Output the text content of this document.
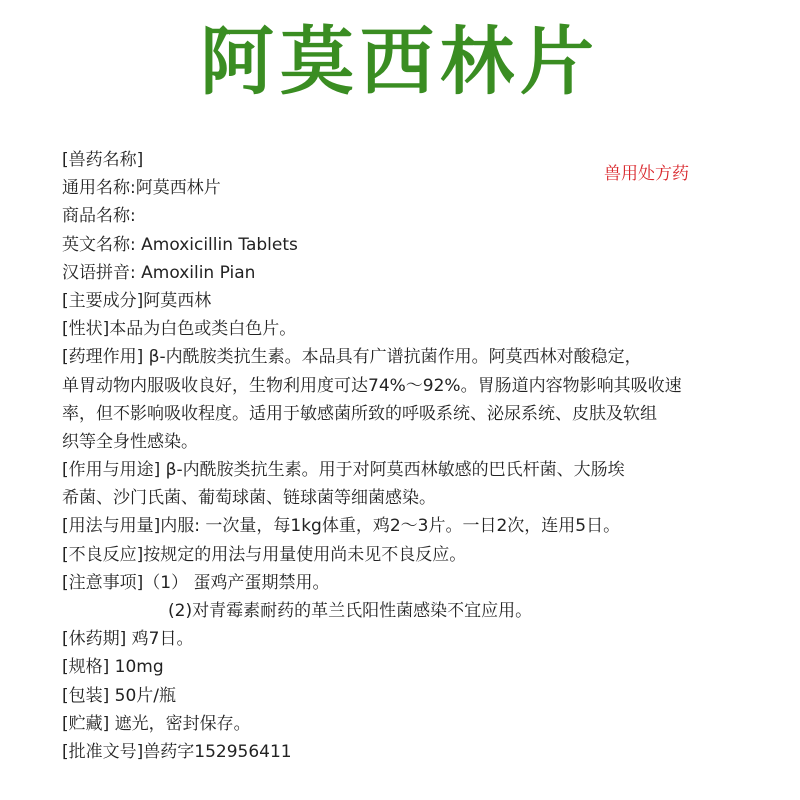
阿莫西林片
兽用处方药
[兽药名称]
通用名称:阿莫西林片
商品名称:
英文名称: Amoxicillin Tablets
汉语拼音: Amoxilin Pian
[主要成分]阿莫西林
[性状]本品为白色或类白色片。
[药理作用] β-内酰胺类抗生素。本品具有广谱抗菌作用。阿莫西林对酸稳定，
单胃动物内服吸收良好，生物利用度可达74%～92%。胃肠道内容物影响其吸收速
率，但不影响吸收程度。适用于敏感菌所致的呼吸系统、泌尿系统、皮肤及软组
织等全身性感染。
[作用与用途] β-内酰胺类抗生素。用于对阿莫西林敏感的巴氏杆菌、大肠埃
希菌、沙门氏菌、葡萄球菌、链球菌等细菌感染。
[用法与用量]内服: 一次量，每1kg体重，鸡2～3片。一日2次，连用5日。
[不良反应]按规定的用法与用量使用尚未见不良反应。
[注意事项]（1） 蛋鸡产蛋期禁用。
(2)对青霉素耐药的革兰氏阳性菌感染不宜应用。
[休药期] 鸡7日。
[规格] 10mg
[包装] 50片/瓶
[贮藏] 遮光，密封保存。
[批准文号]兽药字152956411
